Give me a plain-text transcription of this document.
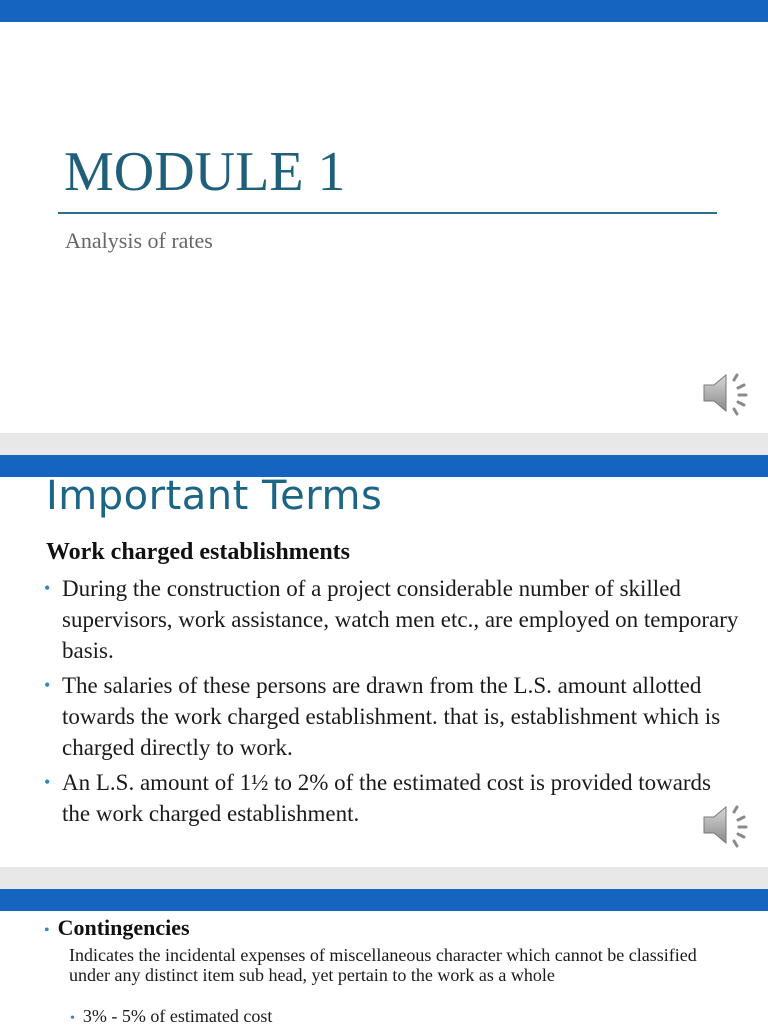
MODULE 1
Analysis of rates
Important Terms
Work charged establishments
• During the construction of a project considerable number of skilled supervisors, work assistance, watch men etc., are employed on temporary basis.
• The salaries of these persons are drawn from the L.S. amount allotted towards the work charged establishment. that is, establishment which is charged directly to work.
• An L.S. amount of 1½ to 2% of the estimated cost is provided towards the work charged establishment.
• Contingencies
Indicates the incidental expenses of miscellaneous character which cannot be classified under any distinct item sub head, yet pertain to the work as a whole
• 3% - 5% of estimated cost
